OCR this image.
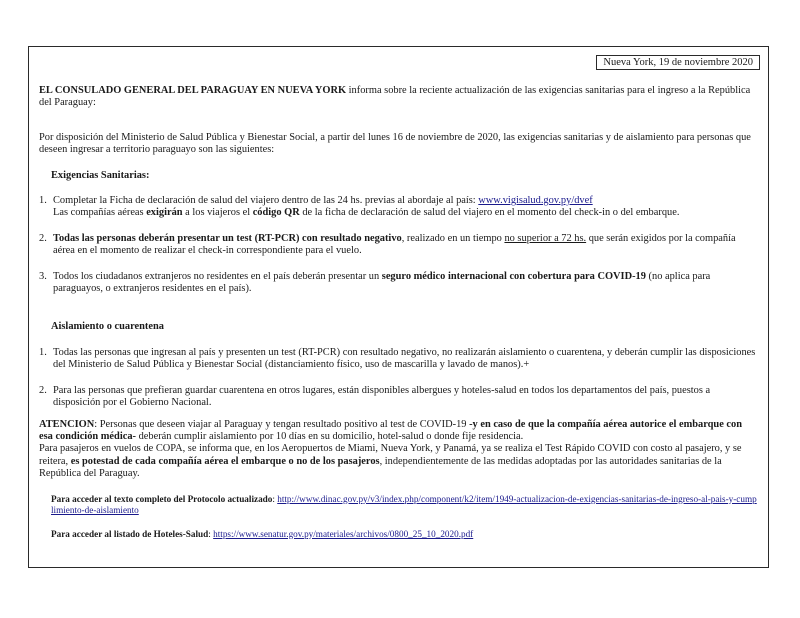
Nueva York, 19 de noviembre 2020

EL CONSULADO GENERAL DEL PARAGUAY EN NUEVA YORK informa sobre la reciente actualización de las exigencias sanitarias para el ingreso a la República del Paraguay:

Por disposición del Ministerio de Salud Pública y Bienestar Social, a partir del lunes 16 de noviembre de 2020, las exigencias sanitarias y de aislamiento para personas que deseen ingresar a territorio paraguayo son las siguientes:

Exigencias Sanitarias:

1. Completar la Ficha de declaración de salud del viajero dentro de las 24 hs. previas al abordaje al país: www.vigisalud.gov.py/dvef
Las compañías aéreas exigirán a los viajeros el código QR de la ficha de declaración de salud del viajero en el momento del check-in o del embarque.
2. Todas las personas deberán presentar un test (RT-PCR) con resultado negativo, realizado en un tiempo no superior a 72 hs. que serán exigidos por la compañía aérea en el momento de realizar el check-in correspondiente para el vuelo.
3. Todos los ciudadanos extranjeros no residentes en el país deberán presentar un seguro médico internacional con cobertura para COVID-19 (no aplica para paraguayos, o extranjeros residentes en el país).

Aislamiento o cuarentena

1. Todas las personas que ingresan al país y presenten un test (RT-PCR) con resultado negativo, no realizarán aislamiento o cuarentena, y deberán cumplir las disposiciones del Ministerio de Salud Pública y Bienestar Social (distanciamiento físico, uso de mascarilla y lavado de manos).+
2. Para las personas que prefieran guardar cuarentena en otros lugares, están disponibles albergues y hoteles-salud en todos los departamentos del país, puestos a disposición por el Gobierno Nacional.

ATENCION: Personas que deseen viajar al Paraguay y tengan resultado positivo al test de COVID-19 -y en caso de que la compañía aérea autorice el embarque con esa condición médica- deberán cumplir aislamiento por 10 días en su domicilio, hotel-salud o donde fije residencia.

Para pasajeros en vuelos de COPA, se informa que, en los Aeropuertos de Miami, Nueva York, y Panamá, ya se realiza el Test Rápido COVID con costo al pasajero, y se reitera, es potestad de cada compañía aérea el embarque o no de los pasajeros, independientemente de las medidas adoptadas por las autoridades sanitarias de la República del Paraguay.

Para acceder al texto completo del Protocolo actualizado: http://www.dinac.gov.py/v3/index.php/component/k2/item/1949-actualizacion-de-exigencias-sanitarias-de-ingreso-al-pais-y-cumplimiento-de-aislamiento

Para acceder al listado de Hoteles-Salud: https://www.senatur.gov.py/materiales/archivos/0800_25_10_2020.pdf
